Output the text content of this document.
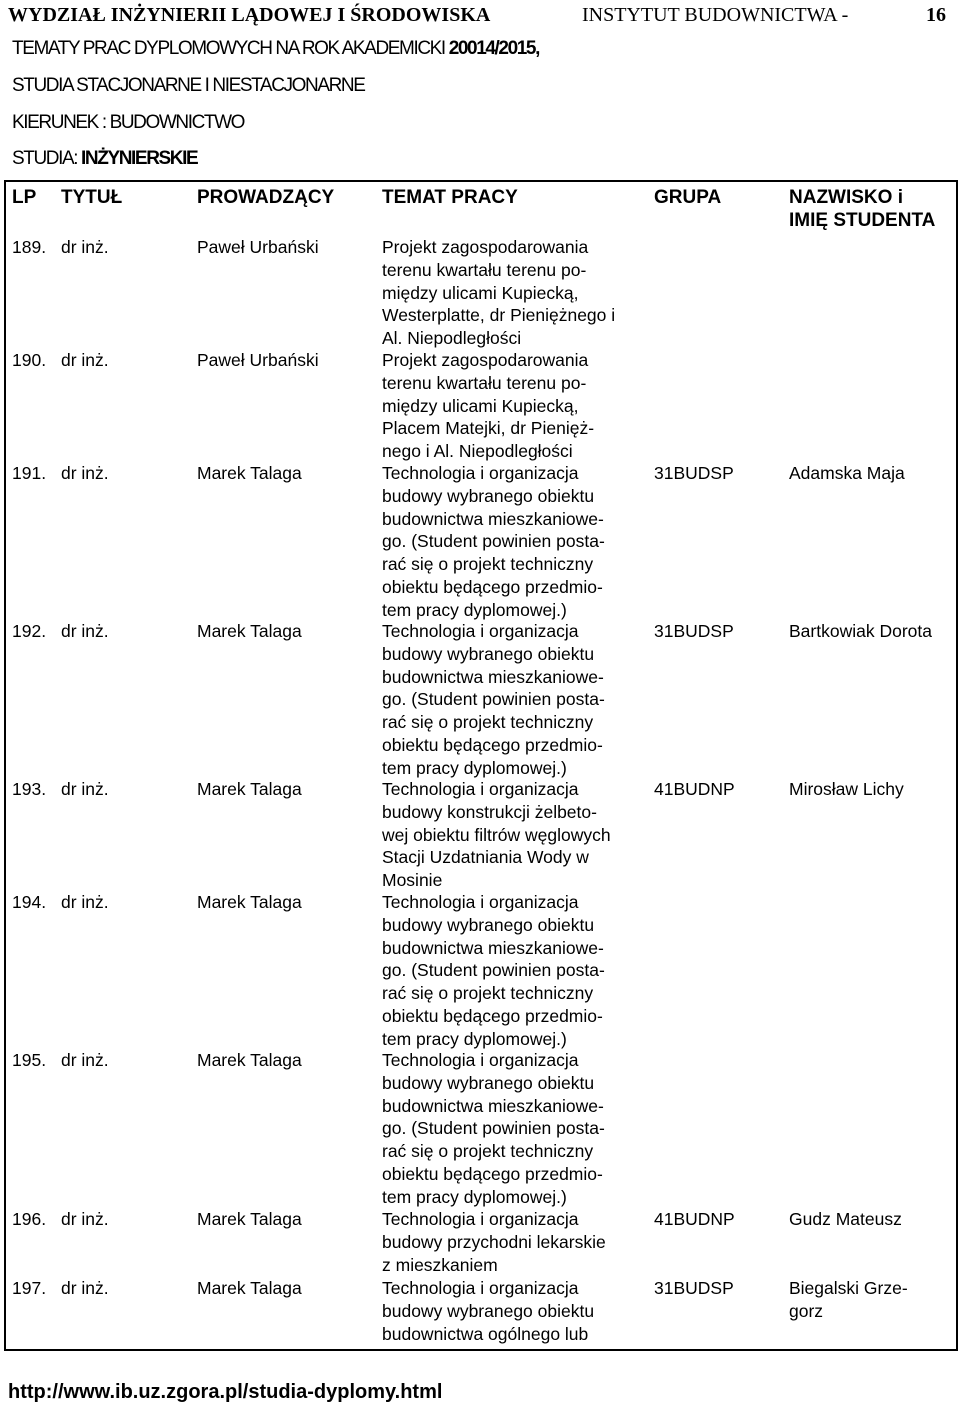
WYDZIAŁ INŻYNIERII LĄDOWEJ I ŚRODOWISKA	INSTYTUT BUDOWNICTWA -	16
TEMATY PRAC DYPLOMOWYCH NA ROK AKADEMICKI 20014/2015,
STUDIA STACJONARNE I NIESTACJONARNE
KIERUNEK : BUDOWNICTWO
STUDIA: INŻYNIERSKIE
LP TYTUŁ	PROWADZĄCY	TEMAT PRACY	GRUPA	NAZWISKO i
IMIĘ STUDENTA
189. dr inż.	Paweł Urbański	Projekt zagospodarowania
terenu kwartału terenu po-
między ulicami Kupiecką,
Westerplatte, dr Pieniężnego i
Al. Niepodległości
190. dr inż.	Paweł Urbański	Projekt zagospodarowania
terenu kwartału terenu po-
między ulicami Kupiecką,
Placem Matejki, dr Pienięż-
nego i Al. Niepodległości
191. dr inż.	Marek Talaga	Technologia i organizacja
budowy wybranego obiektu
budownictwa mieszkaniowe-
go. (Student powinien posta-
rać się o projekt techniczny
obiektu będącego przedmio-
tem pracy dyplomowej.)
31BUDSP	Adamska Maja
192. dr inż.	Marek Talaga	Technologia i organizacja
budowy wybranego obiektu
budownictwa mieszkaniowe-
go. (Student powinien posta-
rać się o projekt techniczny
obiektu będącego przedmio-
tem pracy dyplomowej.)
31BUDSP	Bartkowiak Dorota
193. dr inż.	Marek Talaga	Technologia i organizacja
budowy konstrukcji żelbeto-
wej obiektu filtrów węglowych
Stacji Uzdatniania Wody w
Mosinie
41BUDNP	Mirosław Lichy
194. dr inż.	Marek Talaga	Technologia i organizacja
budowy wybranego obiektu
budownictwa mieszkaniowe-
go. (Student powinien posta-
rać się o projekt techniczny
obiektu będącego przedmio-
tem pracy dyplomowej.)
195. dr inż.	Marek Talaga	Technologia i organizacja
budowy wybranego obiektu
budownictwa mieszkaniowe-
go. (Student powinien posta-
rać się o projekt techniczny
obiektu będącego przedmio-
tem pracy dyplomowej.)
196. dr inż.	Marek Talaga	Technologia i organizacja
budowy przychodni lekarskie
z mieszkaniem
41BUDNP	Gudz Mateusz
197. dr inż.	Marek Talaga	Technologia i organizacja
budowy wybranego obiektu
budownictwa ogólnego lub
31BUDSP	Biegalski Grze-
gorz
http://www.ib.uz.zgora.pl/studia-dyplomy.html
